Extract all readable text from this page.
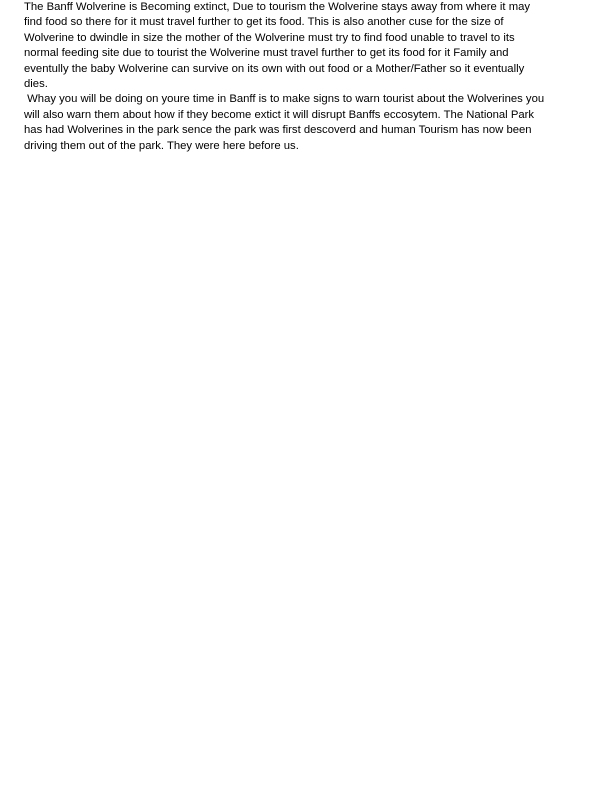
The Banff Wolverine is Becoming extinct, Due to tourism the Wolverine stays away from where it may
find food so there for it must travel further to get its food. This is also another cuse for the size of
Wolverine to dwindle in size the mother of the Wolverine must try to find food unable to travel to its
normal feeding site due to tourist the Wolverine must travel further to get its food for it Family and
eventully the baby Wolverine can survive on its own with out food or a Mother/Father so it eventually
dies.
Whay you will be doing on youre time in Banff is to make signs to warn tourist about the Wolverines you
will also warn them about how if they become extict it will disrupt Banffs eccosytem. The National Park
has had Wolverines in the park sence the park was first descoverd and human Tourism has now been
driving them out of the park. They were here before us.
